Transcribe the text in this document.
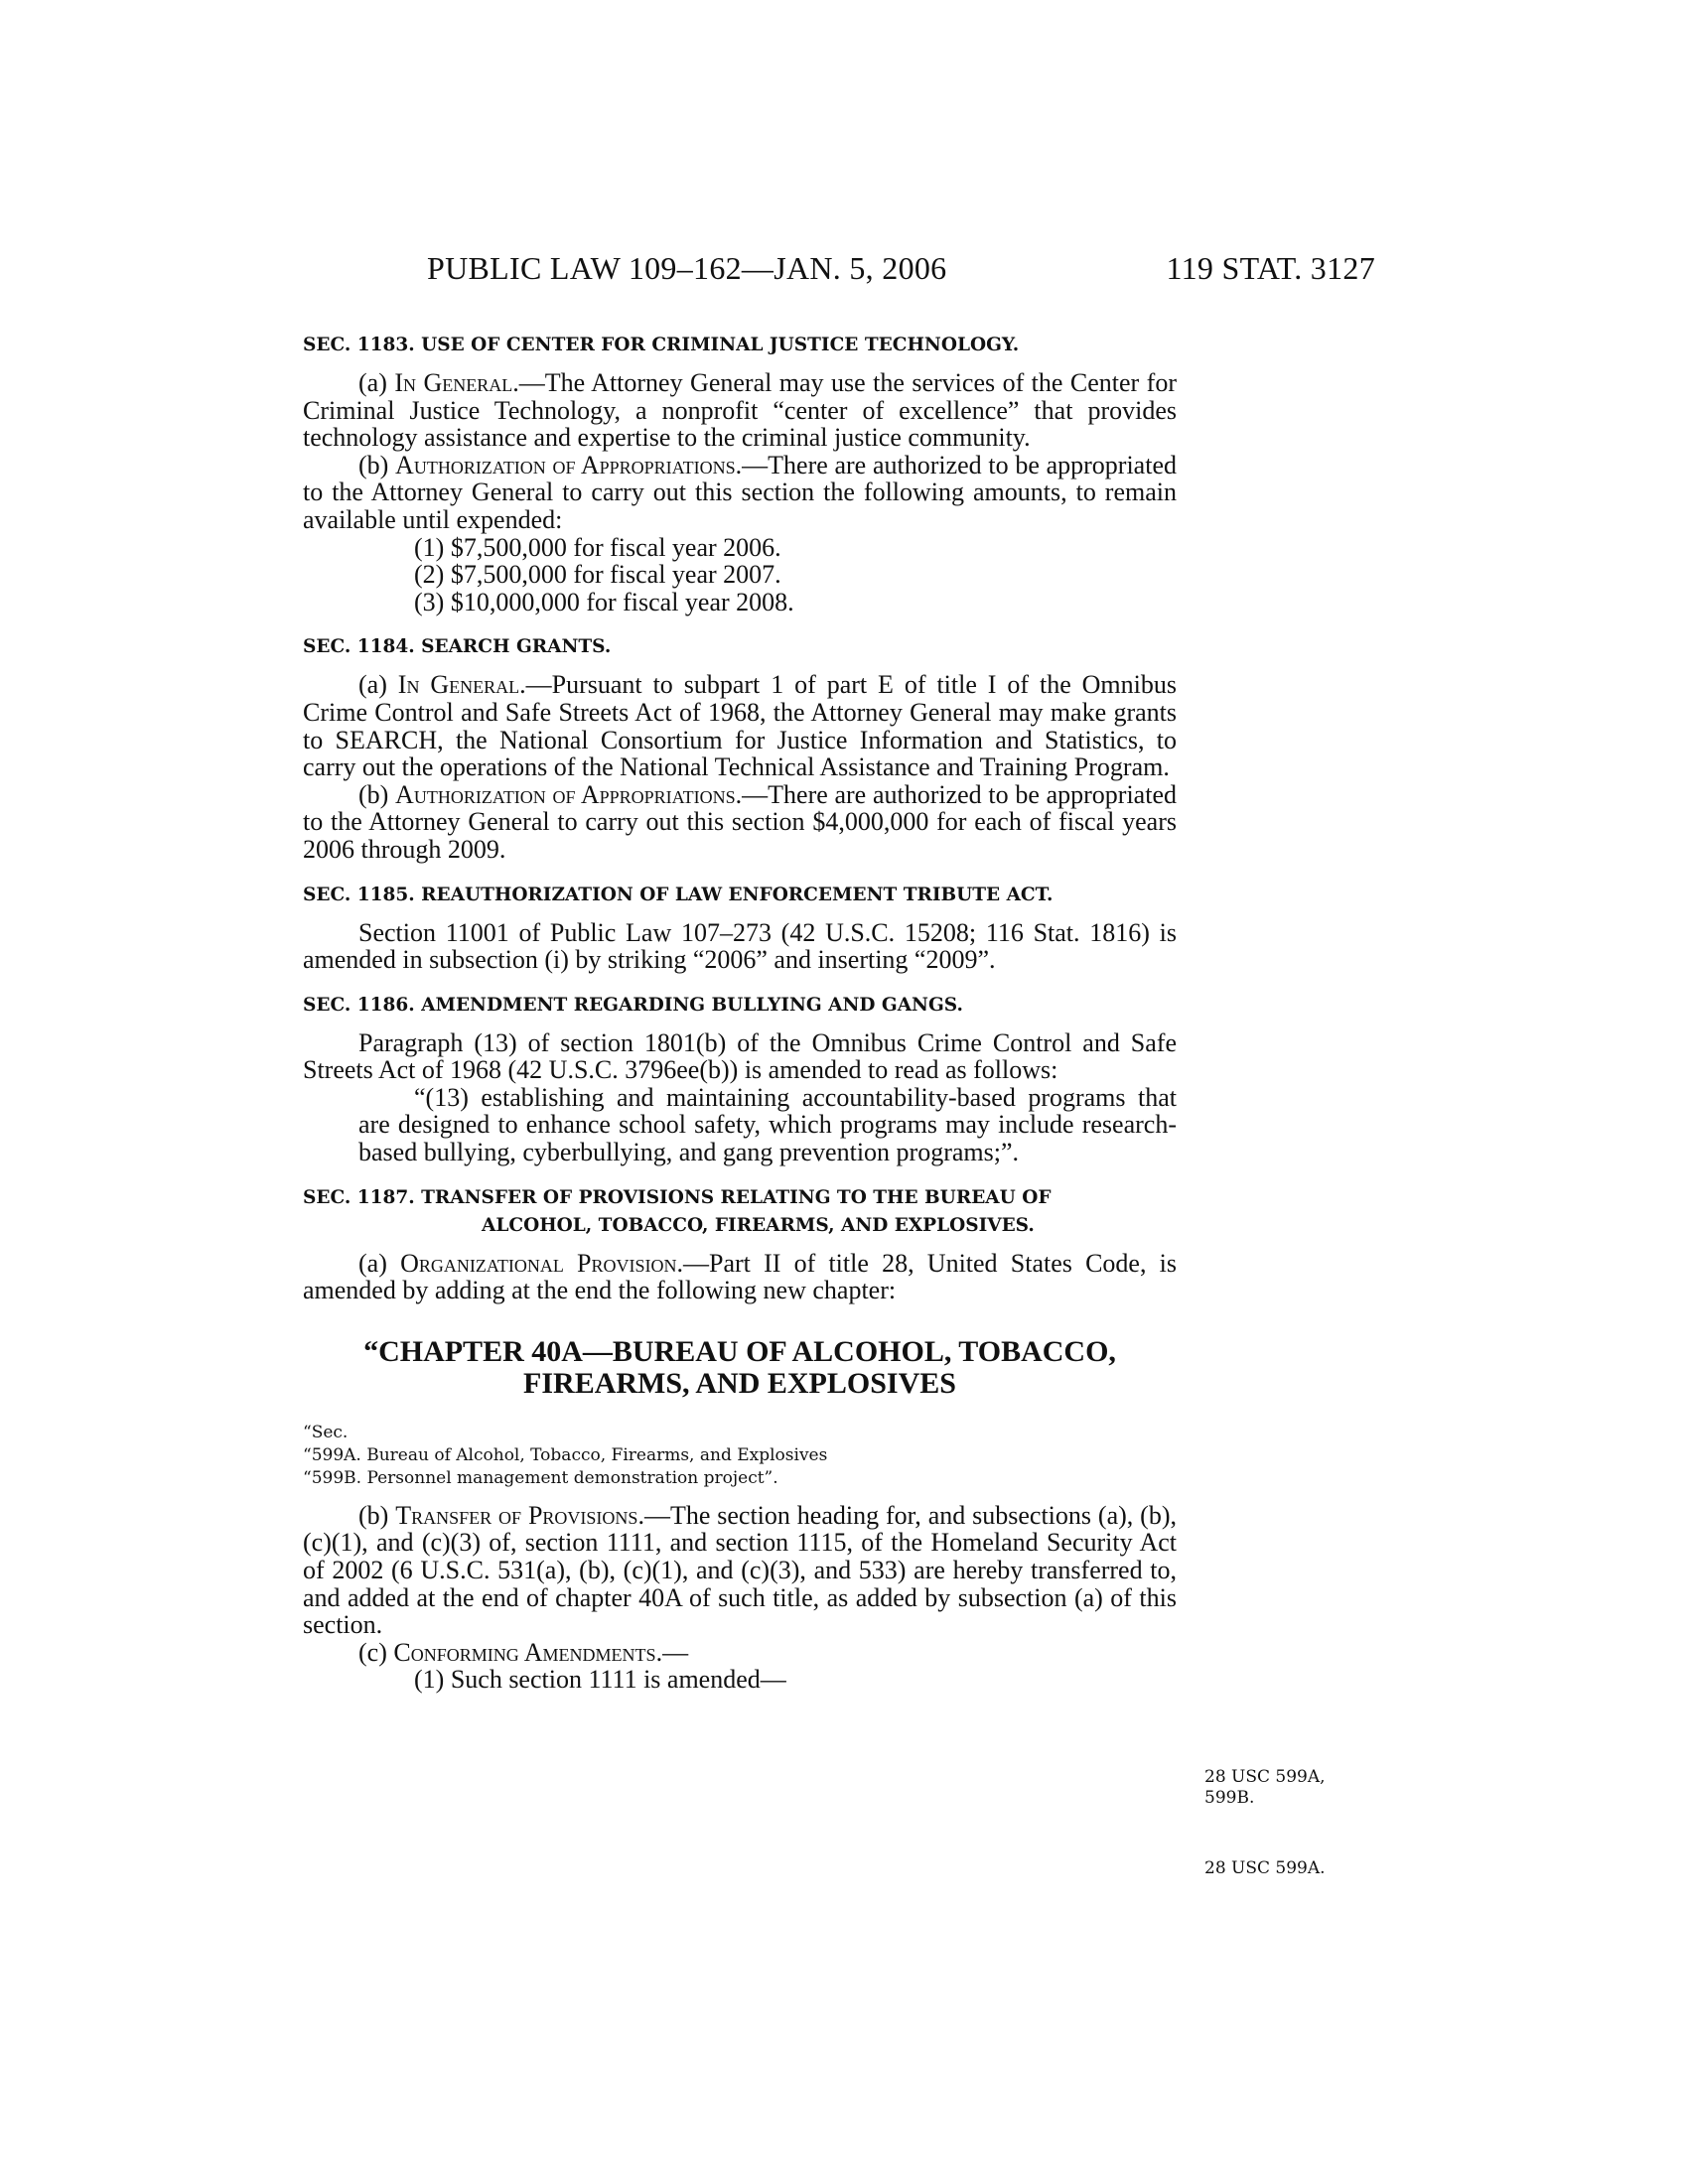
PUBLIC LAW 109–162—JAN. 5, 2006	119 STAT. 3127
SEC. 1183. USE OF CENTER FOR CRIMINAL JUSTICE TECHNOLOGY.

(a) In General.—The Attorney General may use the services of the Center for Criminal Justice Technology, a nonprofit “center of excellence” that provides technology assistance and expertise to the criminal justice community.

(b) Authorization of Appropriations.—There are authorized to be appropriated to the Attorney General to carry out this section the following amounts, to remain available until expended:

(1) $7,500,000 for fiscal year 2006.

(2) $7,500,000 for fiscal year 2007.

(3) $10,000,000 for fiscal year 2008.

SEC. 1184. SEARCH GRANTS.

(a) In General.—Pursuant to subpart 1 of part E of title I of the Omnibus Crime Control and Safe Streets Act of 1968, the Attorney General may make grants to SEARCH, the National Consortium for Justice Information and Statistics, to carry out the operations of the National Technical Assistance and Training Program.

(b) Authorization of Appropriations.—There are authorized to be appropriated to the Attorney General to carry out this section $4,000,000 for each of fiscal years 2006 through 2009.

SEC. 1185. REAUTHORIZATION OF LAW ENFORCEMENT TRIBUTE ACT.

Section 11001 of Public Law 107–273 (42 U.S.C. 15208; 116 Stat. 1816) is amended in subsection (i) by striking “2006” and inserting “2009”.

SEC. 1186. AMENDMENT REGARDING BULLYING AND GANGS.

Paragraph (13) of section 1801(b) of the Omnibus Crime Control and Safe Streets Act of 1968 (42 U.S.C. 3796ee(b)) is amended to read as follows:

“(13) establishing and maintaining accountability-based programs that are designed to enhance school safety, which programs may include research-based bullying, cyberbullying, and gang prevention programs;”.

SEC. 1187. TRANSFER OF PROVISIONS RELATING TO THE BUREAU OF
ALCOHOL, TOBACCO, FIREARMS, AND EXPLOSIVES.

(a) Organizational Provision.—Part II of title 28, United States Code, is amended by adding at the end the following new chapter:

“CHAPTER 40A—BUREAU OF ALCOHOL, TOBACCO,
FIREARMS, AND EXPLOSIVES
“Sec.
“599A. Bureau of Alcohol, Tobacco, Firearms, and Explosives
“599B. Personnel management demonstration project”.

(b) Transfer of Provisions.—The section heading for, and subsections (a), (b), (c)(1), and (c)(3) of, section 1111, and section 1115, of the Homeland Security Act of 2002 (6 U.S.C. 531(a), (b), (c)(1), and (c)(3), and 533) are hereby transferred to, and added at the end of chapter 40A of such title, as added by subsection (a) of this section.

(c) Conforming Amendments.—

(1) Such section 1111 is amended—

28 USC 599A,
599B.
28 USC 599A.
